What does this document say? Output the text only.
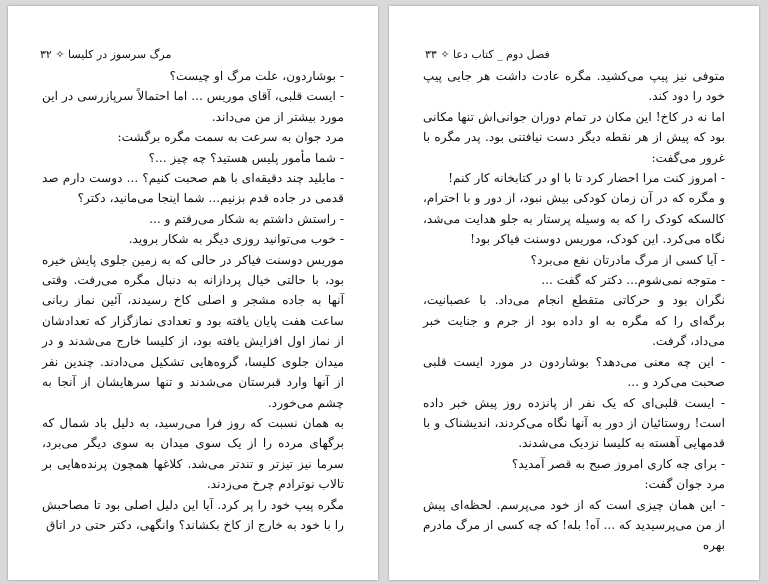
۳۲ ✧ مرگ سرسوز در کلیسا

- بوشاردون، علت مرگ او چیست؟

- ایست قلبی، آقای موریس ... اما احتمالاً سرپازرسی در این مورد بیشتر از من می‌داند.

مرد جوان به سرعت به سمت مگره برگشت:

- شما مأمور پلیس هستید؟ چه چیز ...؟

- مایلید چند دقیقه‌ای با هم صحبت کنیم؟ ... دوست دارم صد قدمی در جاده قدم بزنیم... شما اینجا می‌مانید، دکتر؟

- راستش داشتم به شکار می‌رفتم و ...

- خوب می‌توانید روزی دیگر به شکار بروید.

موریس دوسنت فیاکر در حالی که به زمین جلوی پایش خیره بود، با حالتی خیال پردازانه به دنبال مگره می‌رفت. وقتی آنها به جاده مشجر و اصلی کاخ رسیدند، آئین نماز ربانی ساعت هفت پایان یافته بود و تعدادی نمازگزار که تعدادشان از نماز اول افزایش یافته بود، از کلیسا خارج می‌شدند و در میدان جلوی کلیسا، گروه‌هایی تشکیل می‌دادند. چندین نفر از آنها وارد قبرستان می‌شدند و تنها سرهایشان از آنجا به چشم می‌خورد.

به همان نسبت که روز فرا می‌رسید، به دلیل باد شمال که برگهای مرده را از یک سوی میدان به سوی دیگر می‌برد، سرما نیز تیزتر و تندتر می‌شد. کلاغها همچون پرنده‌هایی بر تالاب نوترادم چرخ می‌زدند.

مگره پیپ خود را پر کرد. آیا این دلیل اصلی بود تا مصاحبش را با خود به خارج از کاخ بکشاند؟ وانگهی، دکتر حتی در اتاق

فصل دوم _ کتاب دعا ✧ ۳۳

متوفی نیز پیپ می‌کشید. مگره عادت داشت هر جایی پیپ خود را دود کند.

اما نه در کاخ! این مکان در تمام دوران جوانی‌اش تنها مکانی بود که پیش از هر نقطه دیگر دست نیافتنی بود. پدر مگره با غرور می‌گفت:

- امروز کنت مرا احضار کرد تا با او در کتابخانه کار کنم!

و مگره که در آن زمان کودکی بیش نبود، از دور و با احترام، کالسکه کودک را که به وسیله پرستار به جلو هدایت می‌شد، نگاه می‌کرد. این کودک، موریس دوسنت فیاکر بود!

- آیا کسی از مرگ مادرتان نفع می‌برد؟

- متوجه نمی‌شوم... دکتر که گفت ...

نگران بود و حرکاتی متقطع انجام می‌داد. با عصبانیت، برگه‌ای را که مگره به او داده بود از جرم و جنایت خبر می‌داد، گرفت.

- این چه معنی می‌دهد؟ بوشاردون در مورد ایست قلبی صحبت می‌کرد و ...

- ایست قلبی‌ای که یک نفر از پانزده روز پیش خبر داده است! روستائیان از دور به آنها نگاه می‌کردند، اندیشناک و با قدمهایی آهسته به کلیسا نزدیک می‌شدند.

- برای چه کاری امروز صبح به قصر آمدید؟

مرد جوان گفت:

- این همان چیزی است که از خود می‌پرسم. لحظه‌ای پیش از من می‌پرسیدید که ... آه! بله! که چه کسی از مرگ مادرم بهره
